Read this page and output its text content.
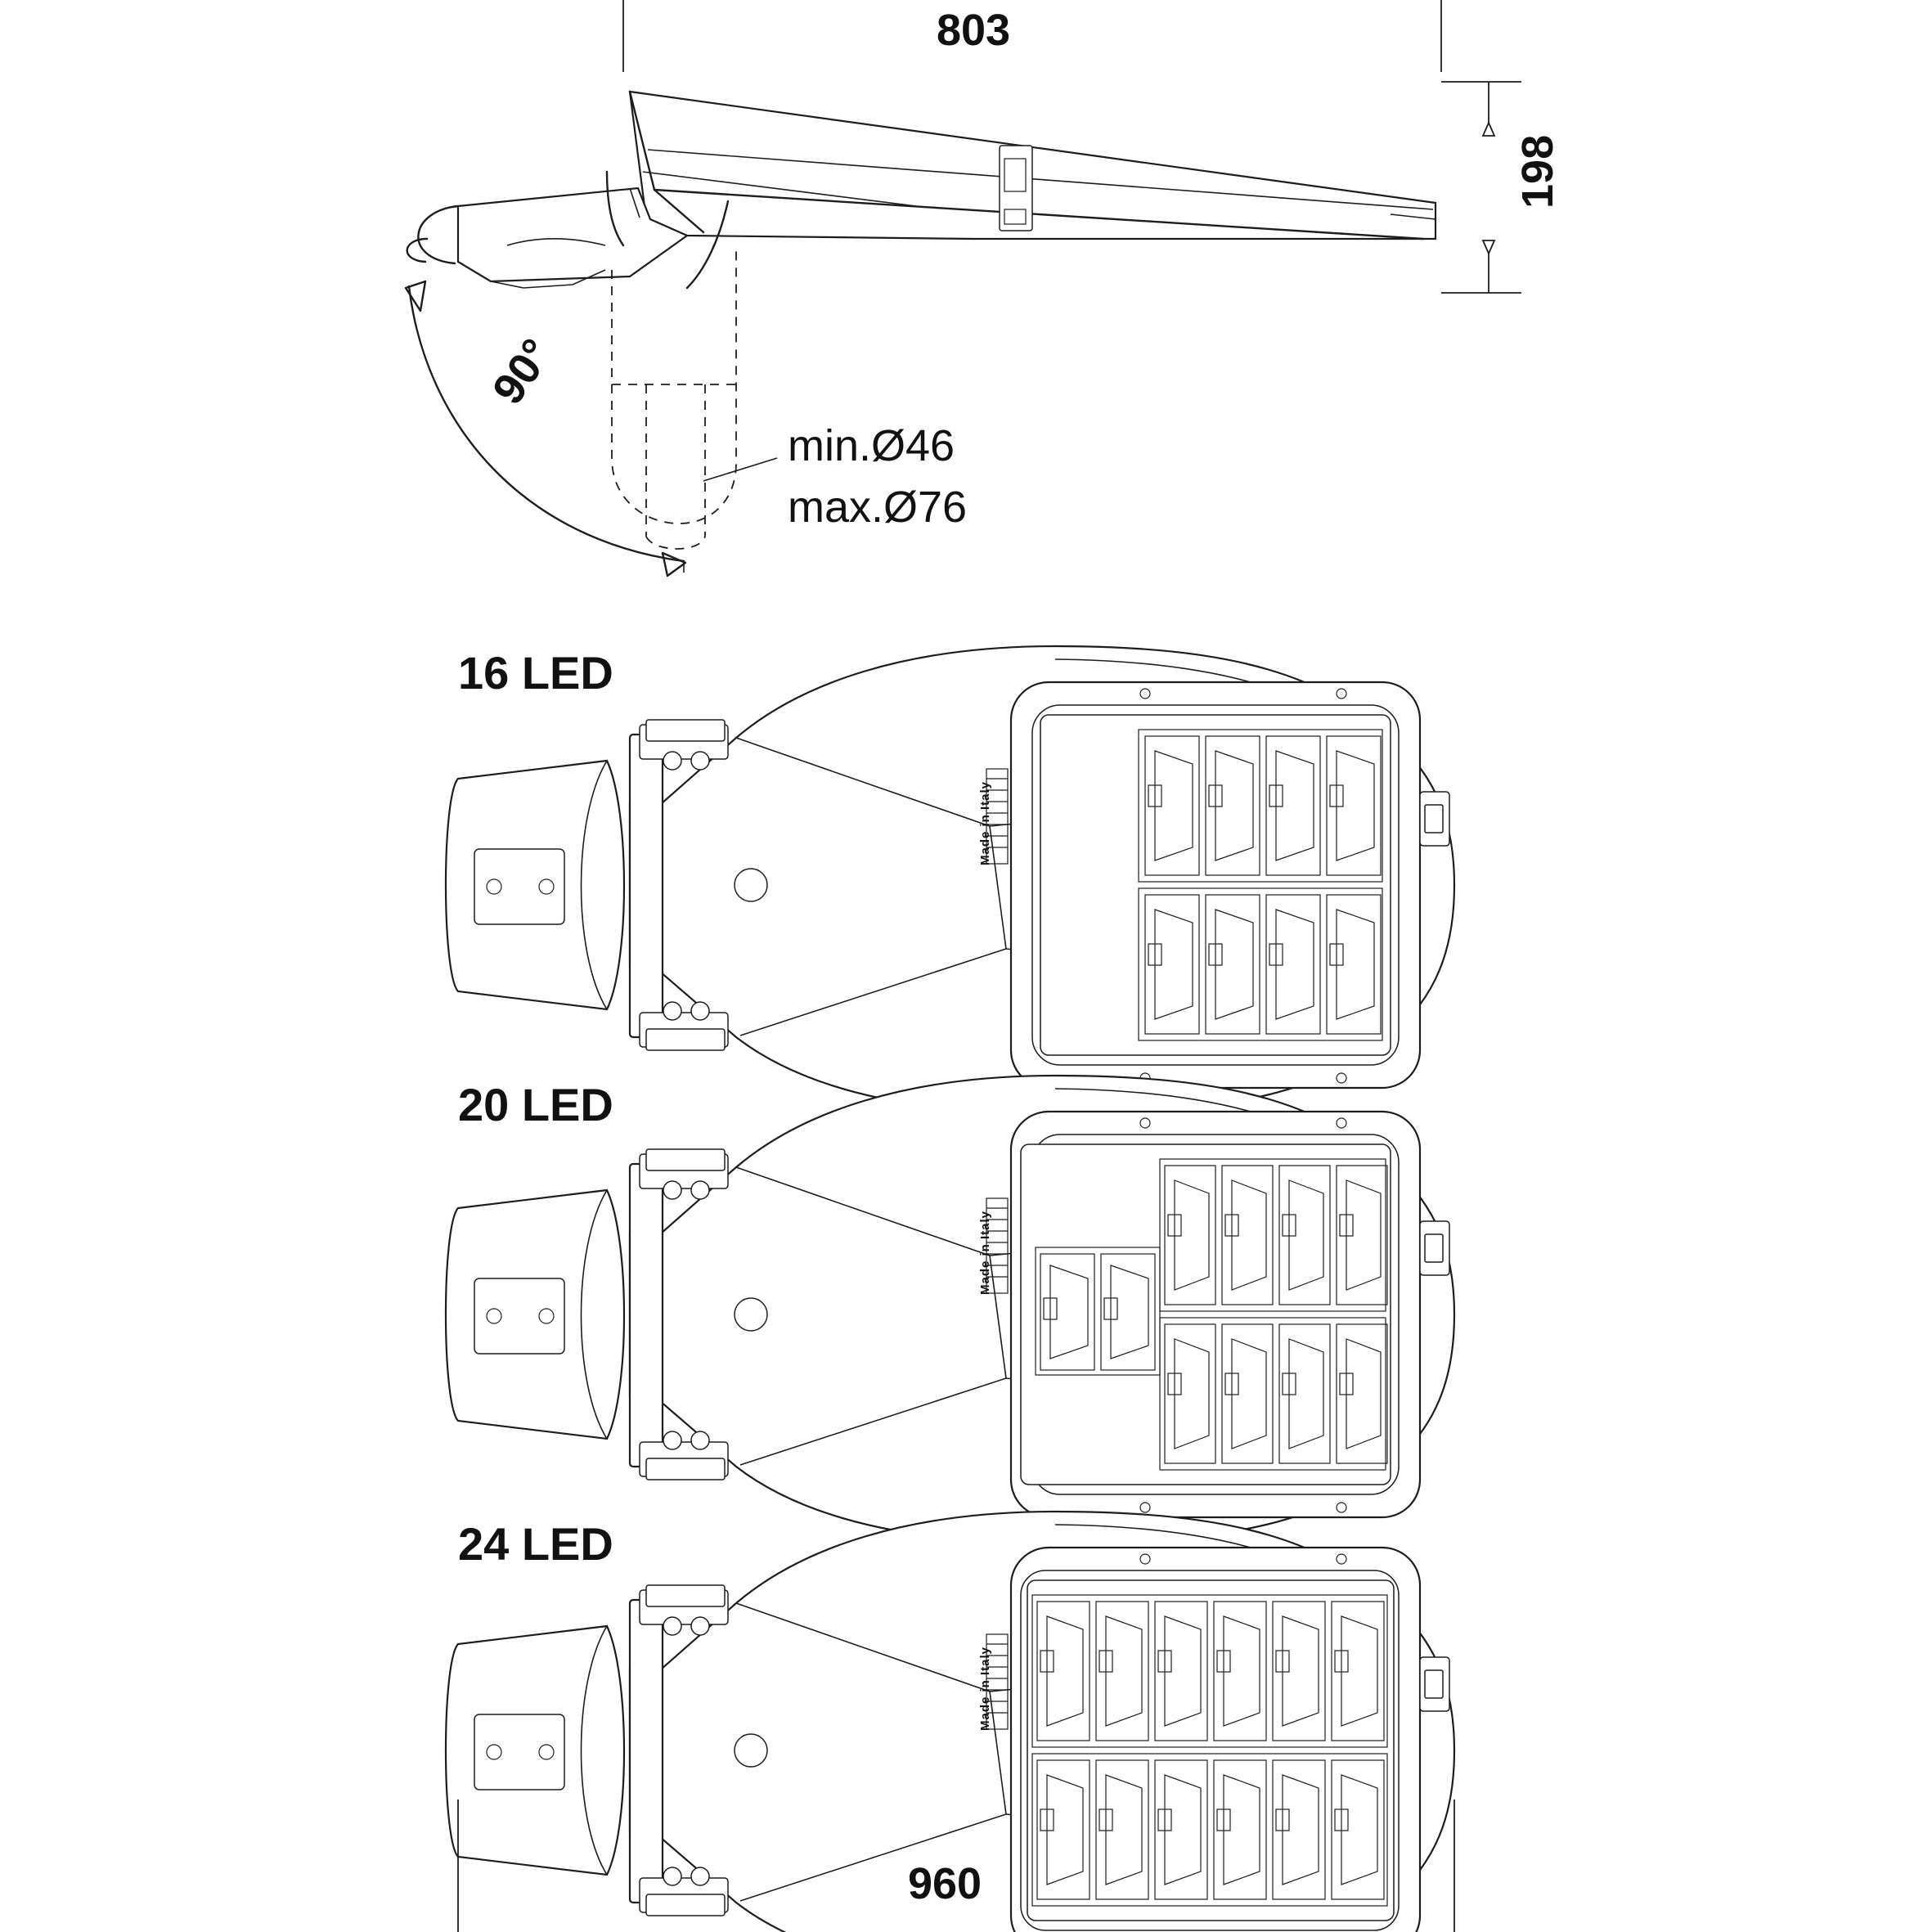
803
198
90°
min.Ø46
max.Ø76
16 LED
20 LED
24 LED
960
Made in Italy
Made in Italy
Made in Italy
